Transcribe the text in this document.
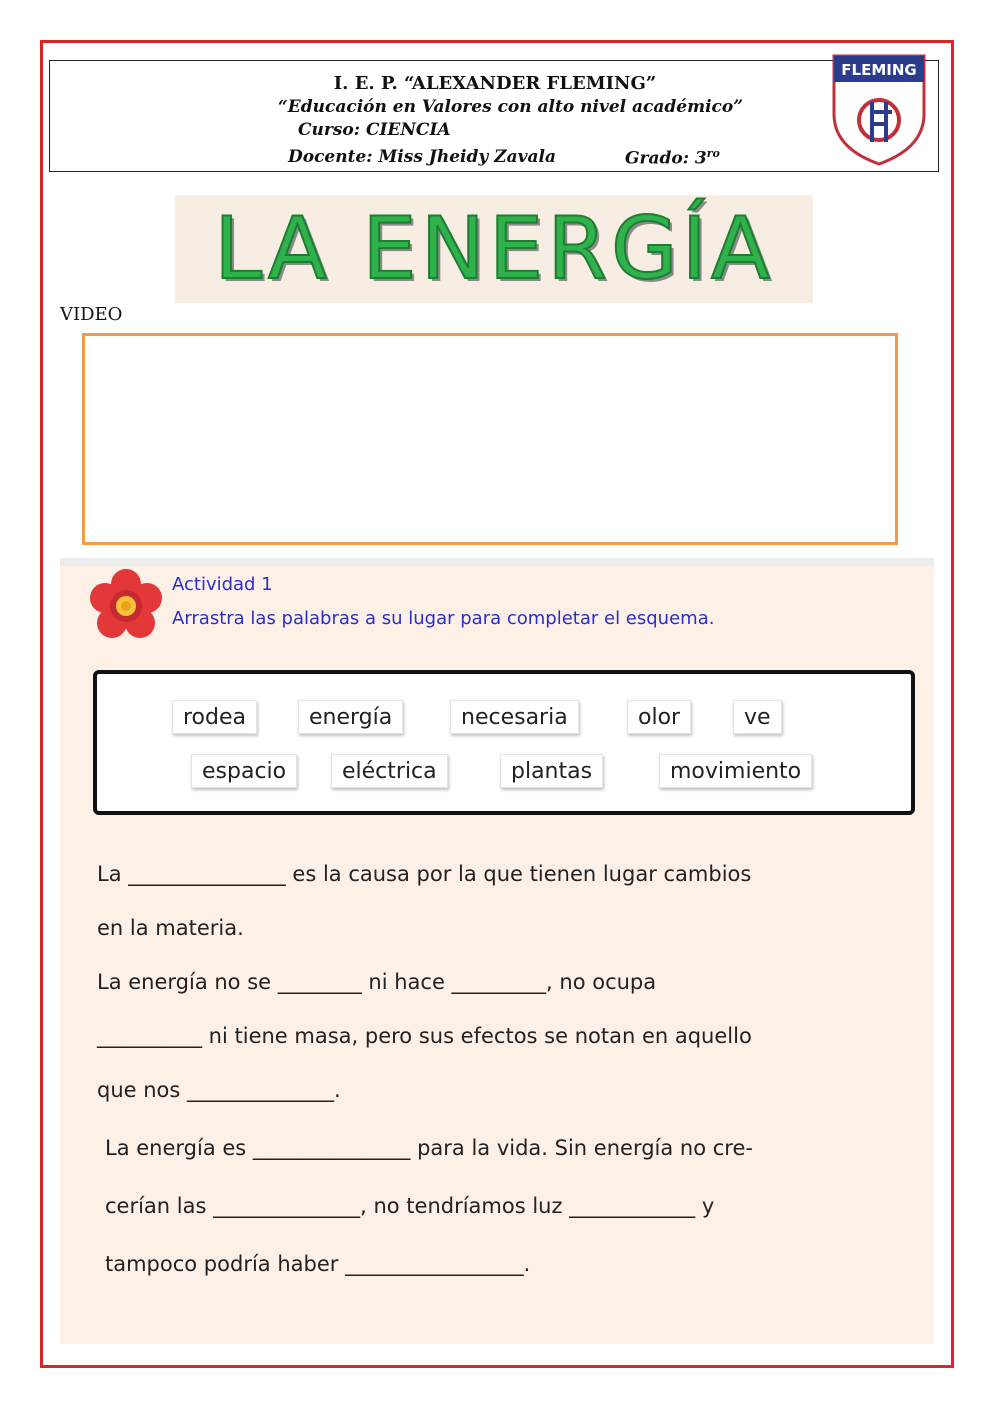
I. E. P. “ALEXANDER FLEMING”
“Educación en Valores con alto nivel académico”
Curso: CIENCIA
Docente: Miss Jheidy Zavala	Grado: $3^{ro}$
FLEMING
LA ENERGÍA
VIDEO
Actividad 1
Arrastra las palabras a su lugar para completar el esquema.
rodea	energía	necesaria	olor	ve
espacio	eléctrica	plantas	movimiento
La _______________ es la causa por la que tienen lugar cambios
en la materia.
La energía no se ________ ni hace _________, no ocupa
__________ ni tiene masa, pero sus efectos se notan en aquello
que nos ______________.
La energía es _______________ para la vida. Sin energía no cre-
cerían las ______________, no tendríamos luz ____________ y
tampoco podría haber _________________.
